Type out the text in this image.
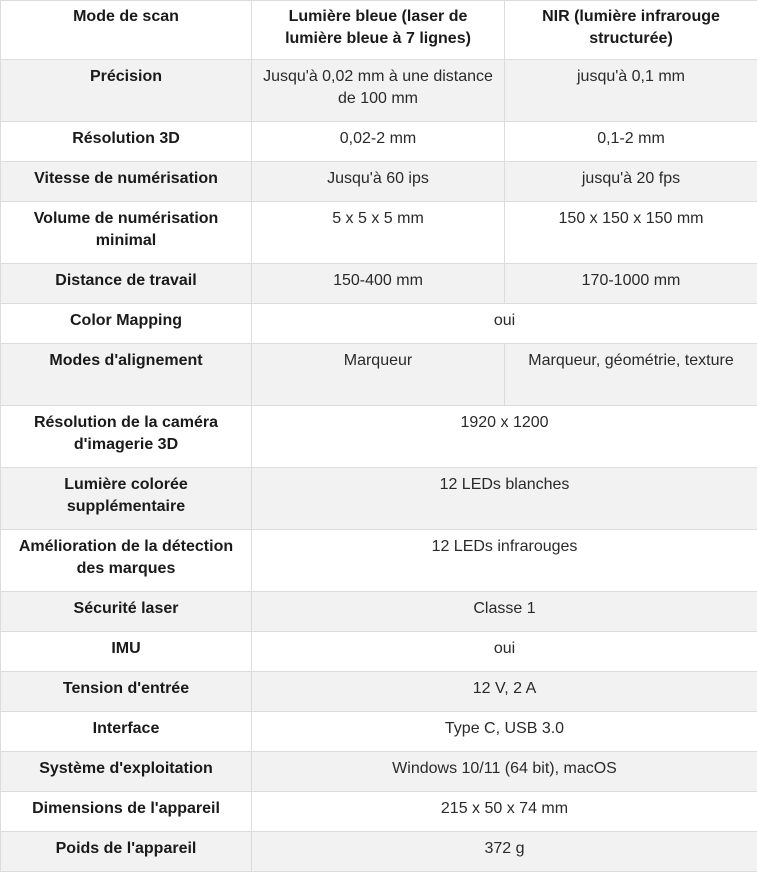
Mode de scan	Lumière bleue (laser de lumière bleue à 7 lignes)	NIR (lumière infrarouge structurée)
Précision	Jusqu'à 0,02 mm à une distance de 100 mm	jusqu'à 0,1 mm
Résolution 3D	0,02-2 mm	0,1-2 mm
Vitesse de numérisation	Jusqu'à 60 ips	jusqu'à 20 fps
Volume de numérisation minimal	5 x 5 x 5 mm	150 x 150 x 150 mm
Distance de travail	150-400 mm	170-1000 mm
Color Mapping	oui	
Modes d'alignement	Marqueur	Marqueur, géométrie, texture
Résolution de la caméra d'imagerie 3D	1920 x 1200	
Lumière colorée supplémentaire	12 LEDs blanches	
Amélioration de la détection des marques	12 LEDs infrarouges	
Sécurité laser	Classe 1	
IMU	oui	
Tension d'entrée	12 V, 2 A	
Interface	Type C, USB 3.0	
Système d'exploitation	Windows 10/11 (64 bit), macOS	
Dimensions de l'appareil	215 x 50 x 74 mm	
Poids de l'appareil	372 g	
